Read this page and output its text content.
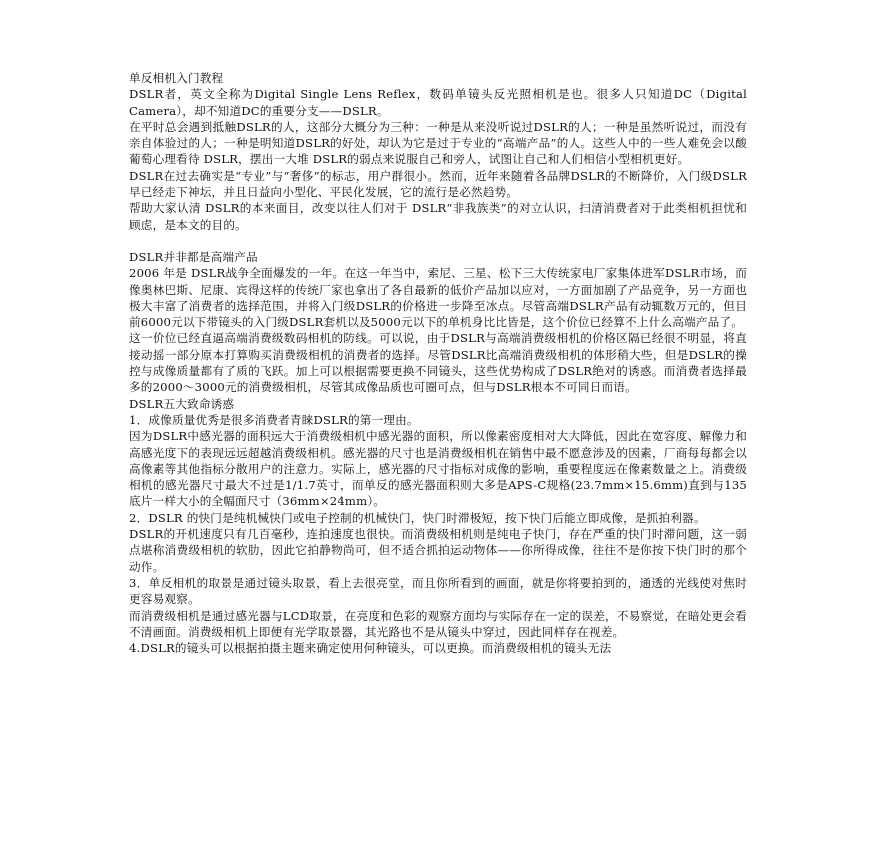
单反相机入门教程

DSLR者，英文全称为Digital Single Lens Reflex，数码单镜头反光照相机是也。很多人只知道DC（Digital Camera），却不知道DC的重要分支——DSLR。

在平时总会遇到抵触DSLR的人，这部分大概分为三种：一种是从来没听说过DSLR的人；一种是虽然听说过，而没有亲自体验过的人；一种是明知道DSLR的好处，却认为它是过于专业的“高端产品”的人。这些人中的一些人难免会以酸葡萄心理看待 DSLR，摆出一大堆 DSLR的弱点来说服自己和旁人，试图让自己和人们相信小型相机更好。

DSLR在过去确实是“专业”与“奢侈”的标志，用户群很小。然而，近年来随着各品牌DSLR的不断降价，入门级DSLR早已经走下神坛，并且日益向小型化、平民化发展，它的流行是必然趋势。

帮助大家认清 DSLR的本来面目，改变以往人们对于 DSLR“非我族类”的对立认识，扫清消费者对于此类相机担忧和顾虑，是本文的目的。

DSLR并非都是高端产品

2006 年是 DSLR战争全面爆发的一年。在这一年当中，索尼、三星、松下三大传统家电厂家集体进军DSLR市场，而像奥林巴斯、尼康、宾得这样的传统厂家也拿出了各自最新的低价产品加以应对，一方面加剧了产品竞争，另一方面也极大丰富了消费者的选择范围，并将入门级DSLR的价格进一步降至冰点。尽管高端DSLR产品有动辄数万元的，但目前6000元以下带镜头的入门级DSLR套机以及5000元以下的单机身比比皆是，这个价位已经算不上什么高端产品了。

这一价位已经直逼高端消费级数码相机的防线。可以说，由于DSLR与高端消费级相机的价格区隔已经很不明显，将直接动摇一部分原本打算购买消费级相机的消费者的选择。尽管DSLR比高端消费级相机的体形稍大些，但是DSLR的操控与成像质量都有了质的飞跃。加上可以根据需要更换不同镜头，这些优势构成了DSLR绝对的诱惑。而消费者选择最多的2000～3000元的消费级相机，尽管其成像品质也可圈可点，但与DSLR根本不可同日而语。

DSLR五大致命诱惑

1．成像质量优秀是很多消费者青睐DSLR的第一理由。

因为DSLR中感光器的面积远大于消费级相机中感光器的面积，所以像素密度相对大大降低，因此在宽容度、解像力和高感光度下的表现远远超越消费级相机。感光器的尺寸也是消费级相机在销售中最不愿意涉及的因素，厂商每每都会以高像素等其他指标分散用户的注意力。实际上，感光器的尺寸指标对成像的影响，重要程度远在像素数量之上。消费级相机的感光器尺寸最大不过是1/1.7英寸，而单反的感光器面积则大多是APS-C规格(23.7mm×15.6mm)直到与135底片一样大小的全幅面尺寸（36mm×24mm）。

2．DSLR 的快门是纯机械快门或电子控制的机械快门，快门时滞极短，按下快门后能立即成像，是抓拍利器。

DSLR的开机速度只有几百毫秒，连拍速度也很快。而消费级相机则是纯电子快门，存在严重的快门时滞问题，这一弱点堪称消费级相机的软肋，因此它拍静物尚可，但不适合抓拍运动物体——你所得成像，往往不是你按下快门时的那个动作。

3．单反相机的取景是通过镜头取景，看上去很亮堂，而且你所看到的画面，就是你将要拍到的，通透的光线使对焦时更容易观察。

而消费级相机是通过感光器与LCD取景，在亮度和色彩的观察方面均与实际存在一定的误差，不易察觉，在暗处更会看不清画面。消费级相机上即便有光学取景器，其光路也不是从镜头中穿过，因此同样存在视差。

4.DSLR的镜头可以根据拍摄主题来确定使用何种镜头，可以更换。而消费级相机的镜头无法
